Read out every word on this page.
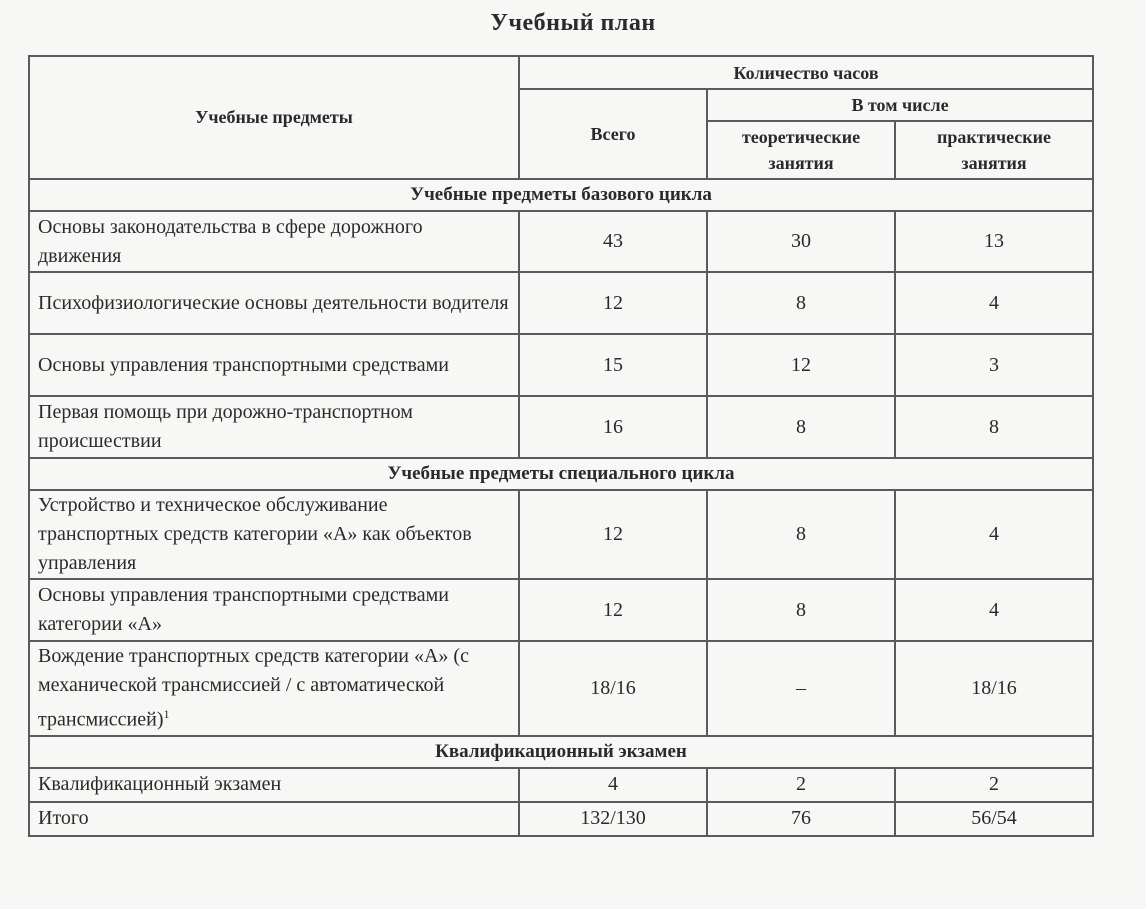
Учебный план
Учебные предметы	Количество часов		
	Всего	В том числе	
		теоретические занятия	практические занятия
Учебные предметы базового цикла			
Основы законодательства в сфере дорожного движения	43	30	13
Психофизиологические основы деятельности водителя	12	8	4
Основы управления транспортными средствами	15	12	3
Первая помощь при дорожно-транспортном происшествии	16	8	8
Учебные предметы специального цикла			
Устройство и техническое обслуживание транспортных средств категории «А» как объектов управления	12	8	4
Основы управления транспортными средствами категории «А»	12	8	4
Вождение транспортных средств категории «А» (с механической трансмиссией / с автоматической трансмиссией)$^1$	18/16	–	18/16
Квалификационный экзамен			
Квалификационный экзамен	4	2	2
Итого	132/130	76	56/54
